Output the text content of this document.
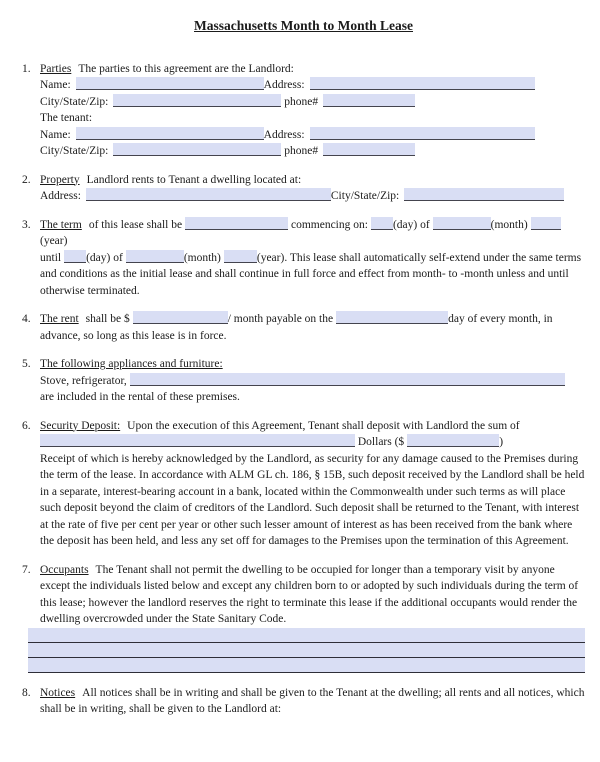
Massachusetts Month to Month Lease
1. Parties The parties to this agreement are the Landlord:
Name:	Address:
City/State/Zip:	phone#
The tenant:
Name:	Address:
City/State/Zip:	phone#
2. Property Landlord rents to Tenant a dwelling located at:
Address:	City/State/Zip:
3. The term of this lease shall be	commencing on: (day) of	(month)(year)
until (day) of	(month)	(year). This lease shall automatically self-extend under the same terms and conditions as the initial lease and shall continue in full force and effect from month- to -month unless and until otherwise terminated.
4. The rent shall be $	/ month payable on the	day of every month, in advance, so long as this lease is in force.
5. The following appliances and furniture:
Stove, refrigerator,
are included in the rental of these premises.
6. Security Deposit: Upon the execution of this Agreement, Tenant shall deposit with Landlord the sum of
Dollars ($	)
Receipt of which is hereby acknowledged by the Landlord, as security for any damage caused to the Premises during the term of the lease. In accordance with ALM GL ch. 186, § 15B, such deposit received by the Landlord shall be held in a separate, interest-bearing account in a bank, located within the Commonwealth under such terms as will place such deposit beyond the claim of creditors of the Landlord. Such deposit shall be returned to the Tenant, with interest at the rate of five per cent per year or other such lesser amount of interest as has been received from the bank where the deposit has been held, and less any set off for damages to the Premises upon the termination of this Agreement.
7. Occupants The Tenant shall not permit the dwelling to be occupied for longer than a temporary visit by anyone except the individuals listed below and except any children born to or adopted by such individuals during the term of this lease; however the landlord reserves the right to terminate this lease if the additional occupants would render the dwelling overcrowded under the State Sanitary Code.
8. Notices All notices shall be in writing and shall be given to the Tenant at the dwelling; all rents and all notices, which shall be in writing, shall be given to the Landlord at:
